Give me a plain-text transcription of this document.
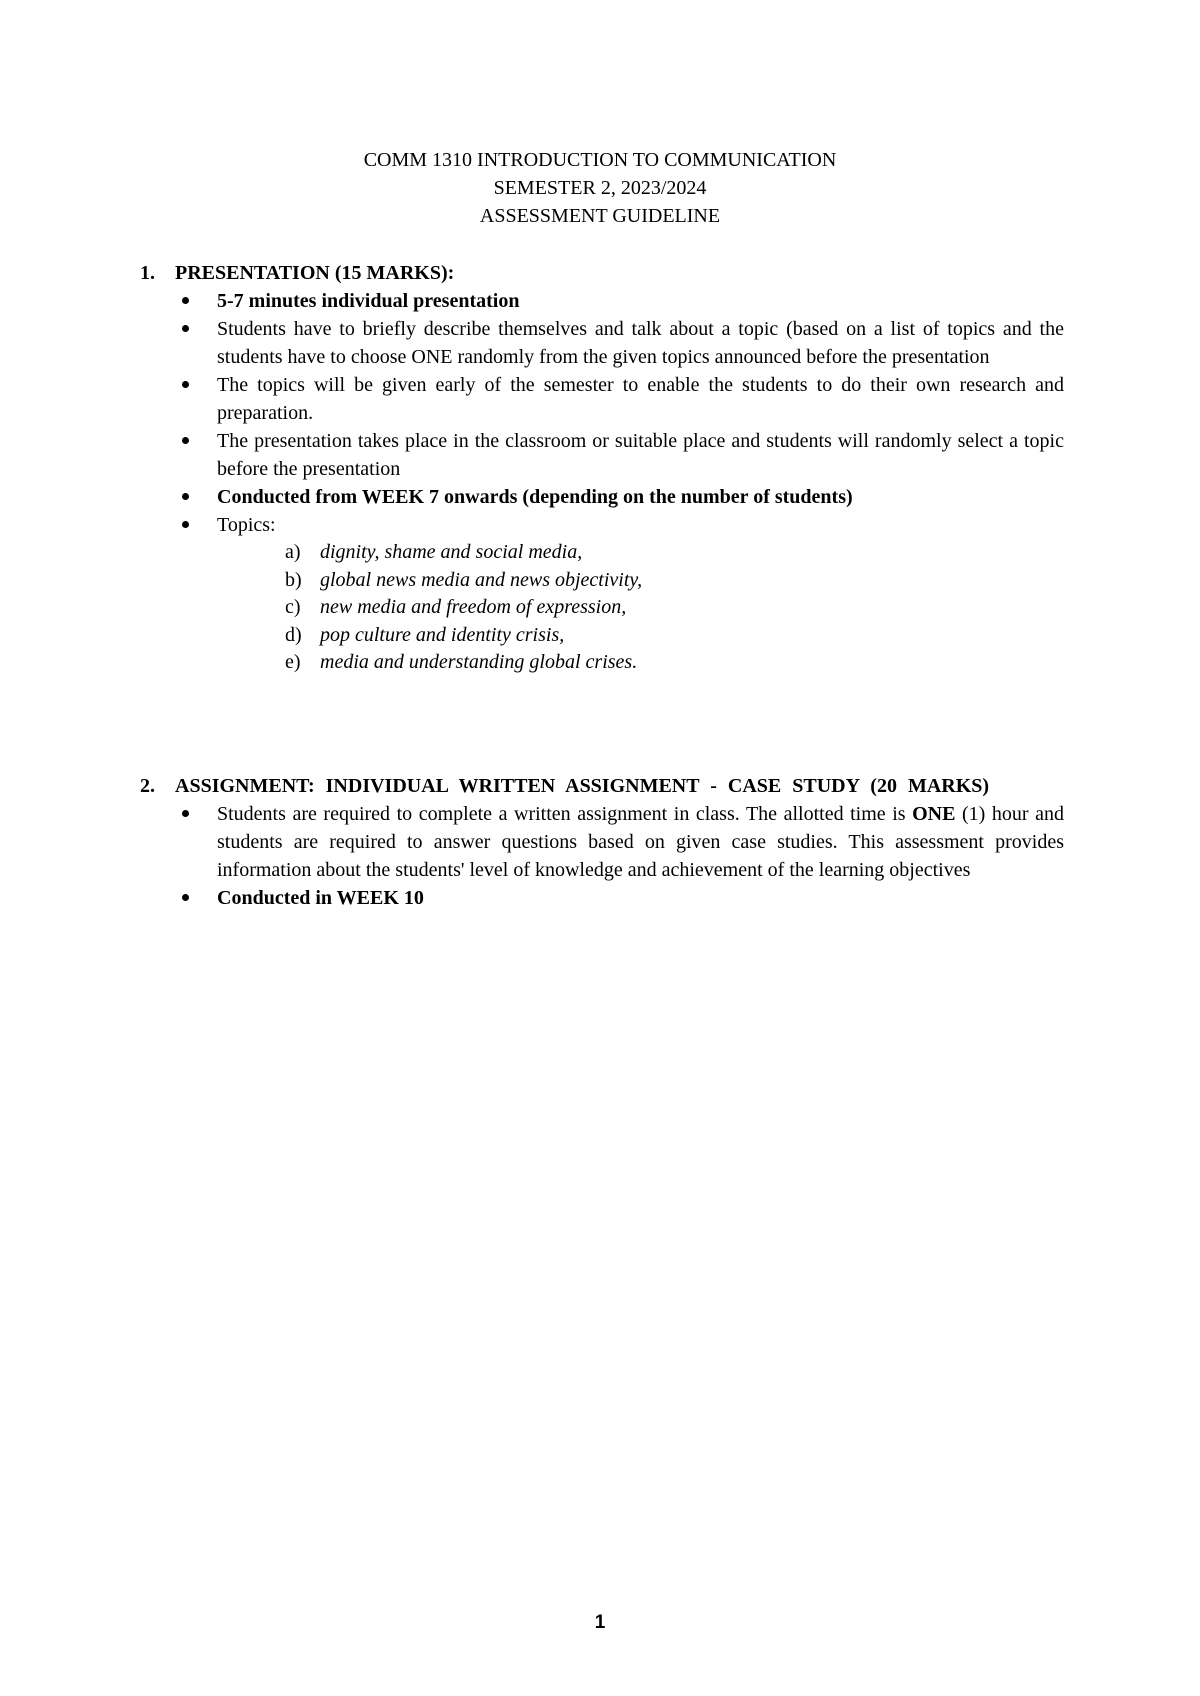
COMM 1310 INTRODUCTION TO COMMUNICATION
SEMESTER 2, 2023/2024
ASSESSMENT GUIDELINE
1.	PRESENTATION (15 MARKS):
5-7 minutes individual presentation
Students have to briefly describe themselves and talk about a topic (based on a list of topics and the students have to choose ONE randomly from the given topics announced before the presentation
The topics will be given early of the semester to enable the students to do their own research and preparation.
The presentation takes place in the classroom or suitable place and students will randomly select a topic before the presentation
Conducted from WEEK 7 onwards (depending on the number of students)
Topics:
a) dignity, shame and social media,
b) global news media and news objectivity,
c) new media and freedom of expression,
d) pop culture and identity crisis,
e) media and understanding global crises.
2.	ASSIGNMENT: INDIVIDUAL WRITTEN ASSIGNMENT - CASE STUDY (20 MARKS)
Students are required to complete a written assignment in class. The allotted time is ONE (1) hour and students are required to answer questions based on given case studies. This assessment provides information about the students' level of knowledge and achievement of the learning objectives
Conducted in WEEK 10
1
